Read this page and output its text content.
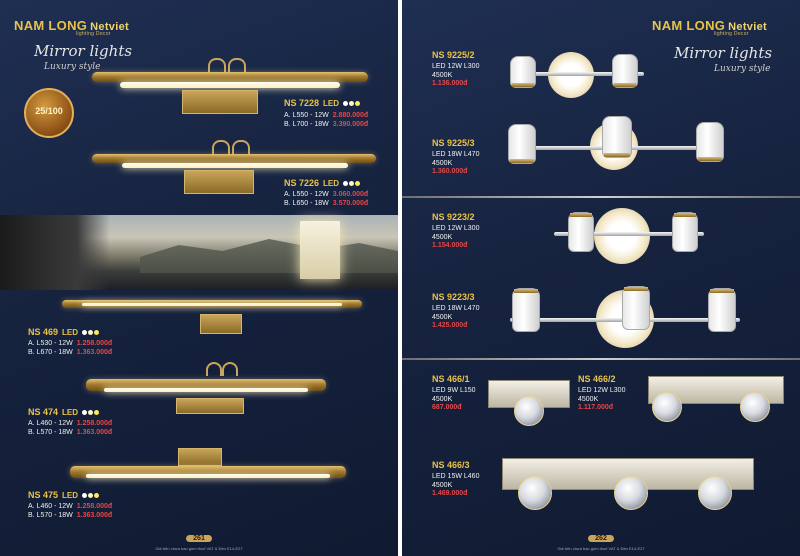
NAM LONG Netviet
lighting Decor
Mirror lights
Luxury style
25/100
NS 7228 LED
A. L550 - 12W 2.880.000đ
B. L700 - 18W 3.390.000đ
NS 7226 LED
A. L550 - 12W 3.060.000đ
B. L650 - 18W 3.570.000đ
NS 469 LED
A. L530 - 12W 1.258.000đ
B. L670 - 18W 1.363.000đ
NS 474 LED
A. L460 - 12W 1.258.000đ
B. L570 - 18W 1.363.000đ
NS 475 LED
A. L460 - 12W 1.258.000đ
B. L570 - 18W 1.363.000đ
261
Giá trên chưa bao gồm thuế VAT & Đèn E14-E27
NAM LONG Netviet
lighting Decor
Mirror lights
Luxury style
NS 9225/2
LED 12W L300
4500K
1.136.000đ
NS 9225/3
LED 18W L470
4500K
1.360.000đ
NS 9223/2
LED 12W L300
4500K
1.154.000đ
NS 9223/3
LED 18W L470
4500K
1.425.000đ
NS 466/1
LED 9W L150
4500K
687.000đ
NS 466/2
LED 12W L300
4500K
1.117.000đ
NS 466/3
LED 15W L460
4500K
1.469.000đ
262
Giá trên chưa bao gồm thuế VAT & Đèn E14-E27
